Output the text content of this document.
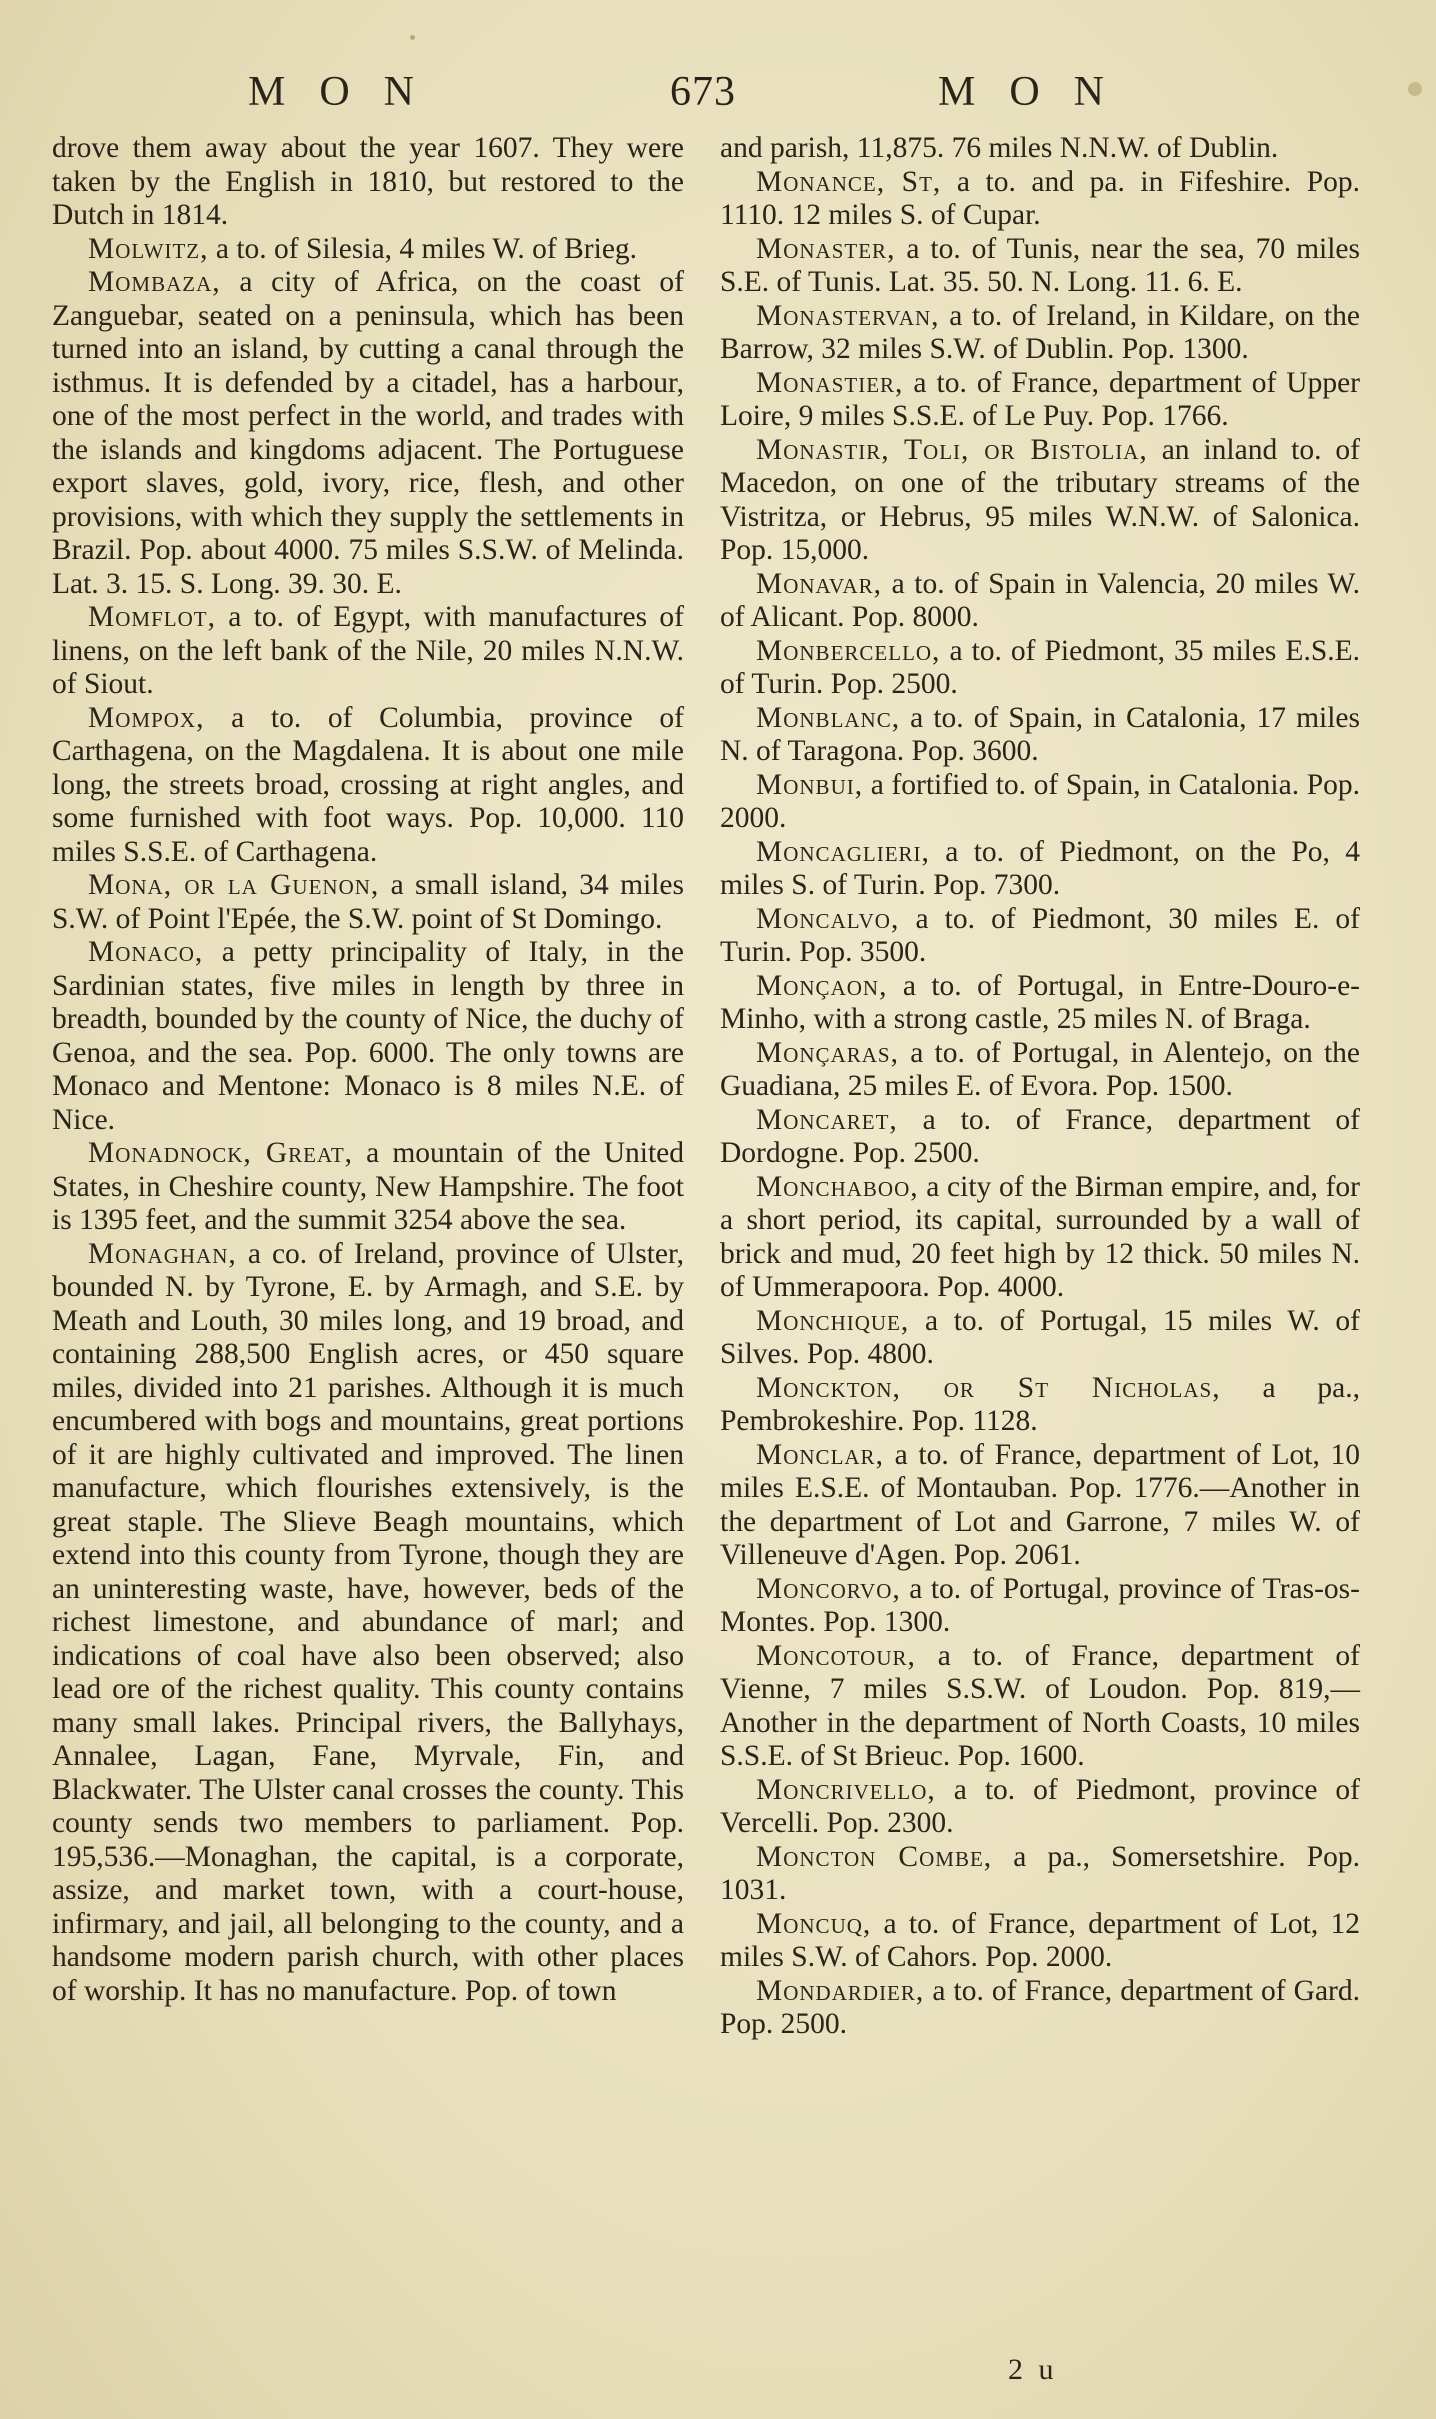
MON	673	MON

drove them away about the year 1607. They were taken by the English in 1810, but restored to the Dutch in 1814.

Molwitz, a to. of Silesia, 4 miles W. of Brieg.

Mombaza, a city of Africa, on the coast of Zanguebar, seated on a peninsula, which has been turned into an island, by cutting a canal through the isthmus. It is defended by a citadel, has a harbour, one of the most perfect in the world, and trades with the islands and kingdoms adjacent. The Portuguese export slaves, gold, ivory, rice, flesh, and other provisions, with which they supply the settlements in Brazil. Pop. about 4000. 75 miles S.S.W. of Melinda. Lat. 3. 15. S. Long. 39. 30. E.

Momflot, a to. of Egypt, with manufactures of linens, on the left bank of the Nile, 20 miles N.N.W. of Siout.

Mompox, a to. of Columbia, province of Carthagena, on the Magdalena. It is about one mile long, the streets broad, crossing at right angles, and some furnished with foot ways. Pop. 10,000. 110 miles S.S.E. of Carthagena.

Mona, or la Guenon, a small island, 34 miles S.W. of Point l'Epée, the S.W. point of St Domingo.

Monaco, a petty principality of Italy, in the Sardinian states, five miles in length by three in breadth, bounded by the county of Nice, the duchy of Genoa, and the sea. Pop. 6000. The only towns are Monaco and Mentone: Monaco is 8 miles N.E. of Nice.

Monadnock, Great, a mountain of the United States, in Cheshire county, New Hampshire. The foot is 1395 feet, and the summit 3254 above the sea.

Monaghan, a co. of Ireland, province of Ulster, bounded N. by Tyrone, E. by Armagh, and S.E. by Meath and Louth, 30 miles long, and 19 broad, and containing 288,500 English acres, or 450 square miles, divided into 21 parishes. Although it is much encumbered with bogs and mountains, great portions of it are highly cultivated and improved. The linen manufacture, which flourishes extensively, is the great staple. The Slieve Beagh mountains, which extend into this county from Tyrone, though they are an uninteresting waste, have, however, beds of the richest limestone, and abundance of marl; and indications of coal have also been observed; also lead ore of the richest quality. This county contains many small lakes. Principal rivers, the Ballyhays, Annalee, Lagan, Fane, Myrvale, Fin, and Blackwater. The Ulster canal crosses the county. This county sends two members to parliament. Pop. 195,536.—Monaghan, the capital, is a corporate, assize, and market town, with a court-house, infirmary, and jail, all belonging to the county, and a handsome modern parish church, with other places of worship. It has no manufacture. Pop. of town

and parish, 11,875. 76 miles N.N.W. of Dublin.

Monance, St, a to. and pa. in Fifeshire. Pop. 1110. 12 miles S. of Cupar.

Monaster, a to. of Tunis, near the sea, 70 miles S.E. of Tunis. Lat. 35. 50. N. Long. 11. 6. E.

Monastervan, a to. of Ireland, in Kildare, on the Barrow, 32 miles S.W. of Dublin. Pop. 1300.

Monastier, a to. of France, department of Upper Loire, 9 miles S.S.E. of Le Puy. Pop. 1766.

Monastir, Toli, or Bistolia, an inland to. of Macedon, on one of the tributary streams of the Vistritza, or Hebrus, 95 miles W.N.W. of Salonica. Pop. 15,000.

Monavar, a to. of Spain in Valencia, 20 miles W. of Alicant. Pop. 8000.

Monbercello, a to. of Piedmont, 35 miles E.S.E. of Turin. Pop. 2500.

Monblanc, a to. of Spain, in Catalonia, 17 miles N. of Taragona. Pop. 3600.

Monbui, a fortified to. of Spain, in Catalonia. Pop. 2000.

Moncaglieri, a to. of Piedmont, on the Po, 4 miles S. of Turin. Pop. 7300.

Moncalvo, a to. of Piedmont, 30 miles E. of Turin. Pop. 3500.

Monçaon, a to. of Portugal, in Entre-Douro-e-Minho, with a strong castle, 25 miles N. of Braga.

Monçaras, a to. of Portugal, in Alentejo, on the Guadiana, 25 miles E. of Evora. Pop. 1500.

Moncaret, a to. of France, department of Dordogne. Pop. 2500.

Monchaboo, a city of the Birman empire, and, for a short period, its capital, surrounded by a wall of brick and mud, 20 feet high by 12 thick. 50 miles N. of Ummerapoora. Pop. 4000.

Monchique, a to. of Portugal, 15 miles W. of Silves. Pop. 4800.

Monckton, or St Nicholas, a pa., Pembrokeshire. Pop. 1128.

Monclar, a to. of France, department of Lot, 10 miles E.S.E. of Montauban. Pop. 1776.—Another in the department of Lot and Garrone, 7 miles W. of Villeneuve d'Agen. Pop. 2061.

Moncorvo, a to. of Portugal, province of Tras-os-Montes. Pop. 1300.

Moncotour, a to. of France, department of Vienne, 7 miles S.S.W. of Loudon. Pop. 819,—Another in the department of North Coasts, 10 miles S.S.E. of St Brieuc. Pop. 1600.

Moncrivello, a to. of Piedmont, province of Vercelli. Pop. 2300.

Moncton Combe, a pa., Somersetshire. Pop. 1031.

Moncuq, a to. of France, department of Lot, 12 miles S.W. of Cahors. Pop. 2000.

Mondardier, a to. of France, department of Gard. Pop. 2500.

2 u
